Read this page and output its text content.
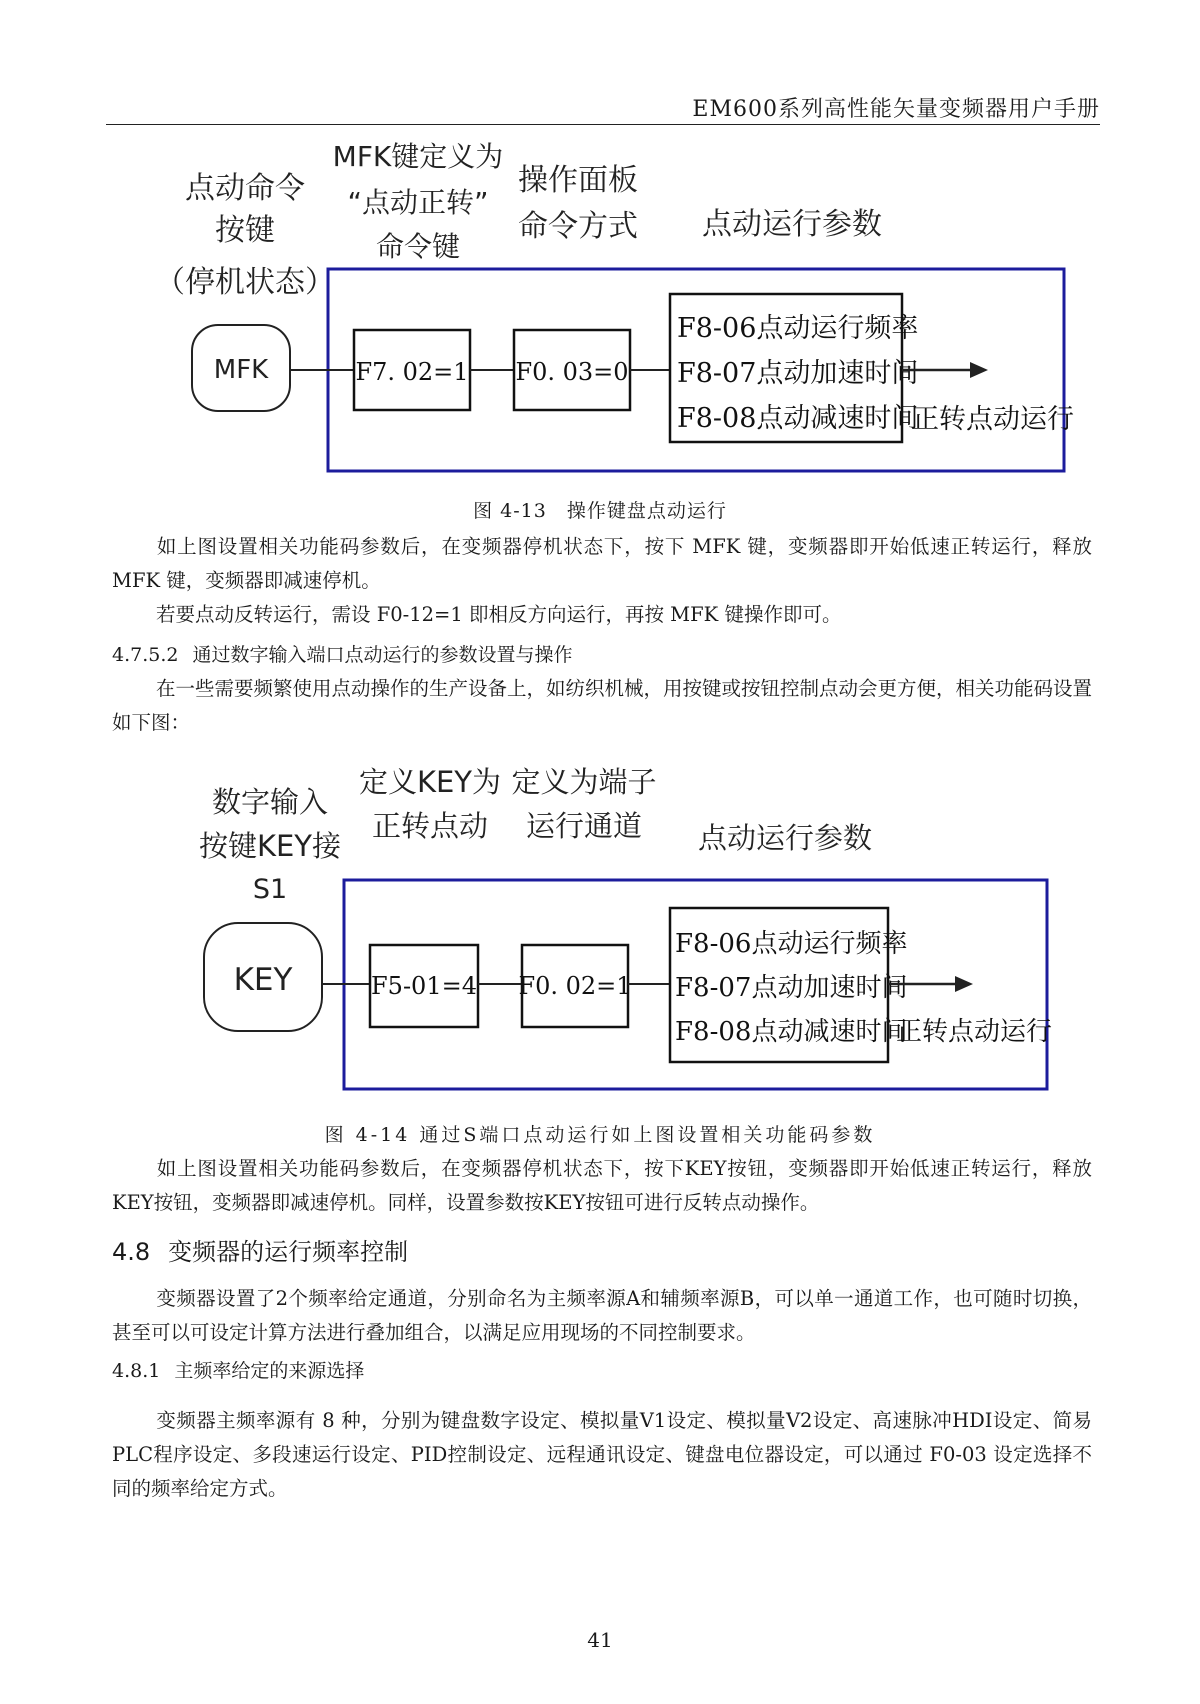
EM600系列高性能矢量变频器用户手册
点动命令
按键
（停机状态）
MFK键定义为
“点动正转”
命令键
操作面板
命令方式 点动运行参数
MFK	F7. 02=1 F0. 03=0
F8-06点动运行频率
F8-07点动加速时间
F8-08点动减速时间
正转点动运行
图 4-13　操作键盘点动运行
如上图设置相关功能码参数后，在变频器停机状态下，按下 MFK 键，变频器即开始低速正转运行，释放 MFK 键，变频器即减速停机。
若要点动反转运行，需设 F0-12=1 即相反方向运行，再按 MFK 键操作即可。
4.7.5.2 通过数字输入端口点动运行的参数设置与操作
在一些需要频繁使用点动操作的生产设备上，如纺织机械，用按键或按钮控制点动会更方便，相关功能码设置如下图：
数字输入
按键KEY接
S1
定义KEY为
正转点动
定义为端子
运行通道 点动运行参数
KEY	F5-01=4 F0. 02=1
F8-06点动运行频率
F8-07点动加速时间
F8-08点动减速时间
正转点动运行
图 4-14 通过S端口点动运行如上图设置相关功能码参数
如上图设置相关功能码参数后，在变频器停机状态下，按下KEY按钮，变频器即开始低速正转运行，释放KEY按钮，变频器即减速停机。同样，设置参数按KEY按钮可进行反转点动操作。
4.8 变频器的运行频率控制
变频器设置了2个频率给定通道，分别命名为主频率源A和辅频率源B，可以单一通道工作，也可随时切换，甚至可以可设定计算方法进行叠加组合，以满足应用现场的不同控制要求。
4.8.1 主频率给定的来源选择
变频器主频率源有 8 种，分别为键盘数字设定、模拟量V1设定、模拟量V2设定、高速脉冲HDI设定、简易PLC程序设定、多段速运行设定、PID控制设定、远程通讯设定、键盘电位器设定，可以通过 F0-03 设定选择不同的频率给定方式。
41
